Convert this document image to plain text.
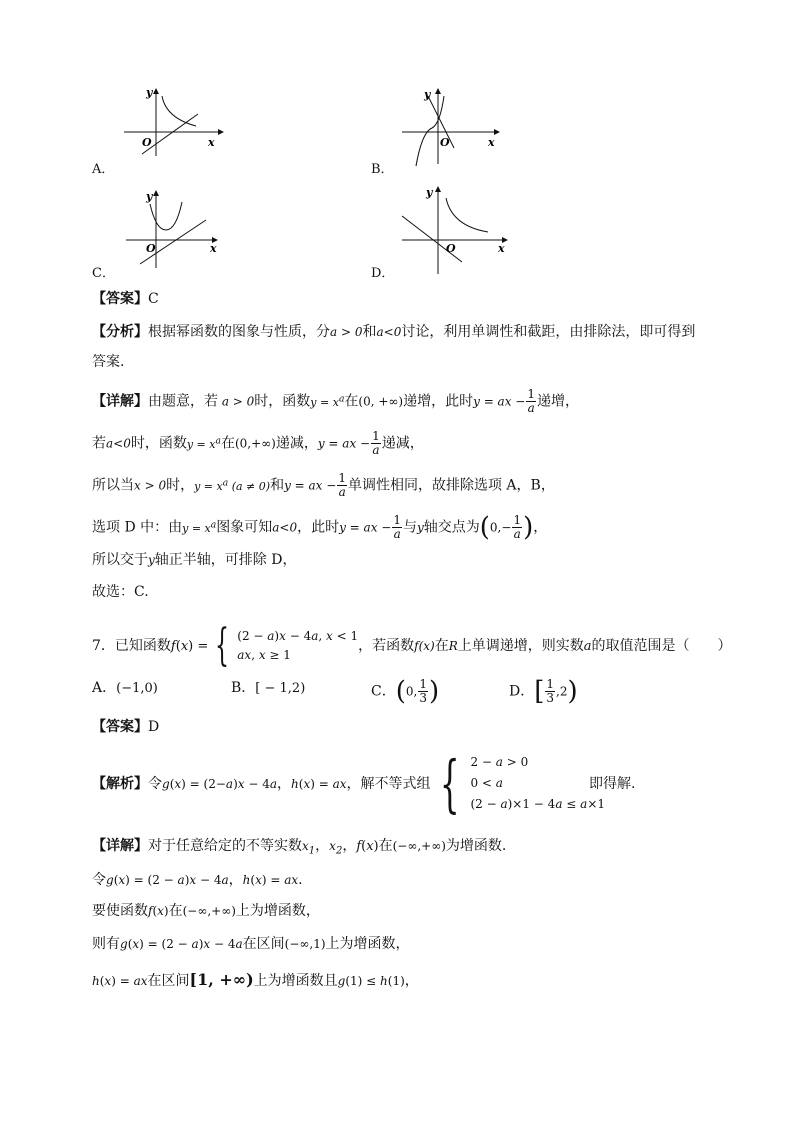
A．
y
O	x
B．
y
O	x
C．
y
O	x
D．
y
O	x
【答案】C
【分析】根据幂函数的图象与性质，分a > 0和a<0讨论，利用单调性和截距，由排除法，即可得到
答案.
【详解】由题意，若 a > 0时，函数$y = x^a$在(0, +∞)递增，此时y = ax − $\frac{1}{a}$ 递增，
若a<0时，函数$y = x^a$在(0,+∞)递减，y = ax − $\frac{1}{a}$ 递减，
所以当x > 0时，$y = x^a$ (a ≠ 0)和y = ax − $\frac{1}{a}$ 单调性相同，故排除选项 A，B，
选项 D 中：由$y = x^a$图象可知a<0，此时y = ax − $\frac{1}{a}$ 与y轴交点为($0,- \frac{1}{a}$ )，
所以交于y轴正半轴，可排除 D，
故选：C.
7．已知函数f(x) = { (2 − a)x − 4a, x < 1
ax, x ≥ 1
，若函数f(x)在R上单调递增，则实数a的取值范围是（　　）
A．(−1,0)	B．[ − 1,2)	C．(0, $\frac{1}{3}$ )	D．[ $\frac{1}{3} ,2$)
【答案】D
【解析】令g(x) = (2−a)x − 4a，h(x) = ax，解不等式组 { 2 − a > 0
0 < a
(2 − a)×1 − 4a ≤ a×1
即得解.
【详解】对于任意给定的不等实数$x_1$，$x_2$，f(x)在(−∞,+∞)为增函数.
令g(x) = (2 − a)x − 4a，h(x) = ax.
要使函数f(x)在(−∞,+∞)上为增函数，
则有g(x) = (2 − a)x − 4a在区间(−∞,1)上为增函数，
h(x) = ax在区间[1, +∞)上为增函数且g(1) ≤ h(1)，
